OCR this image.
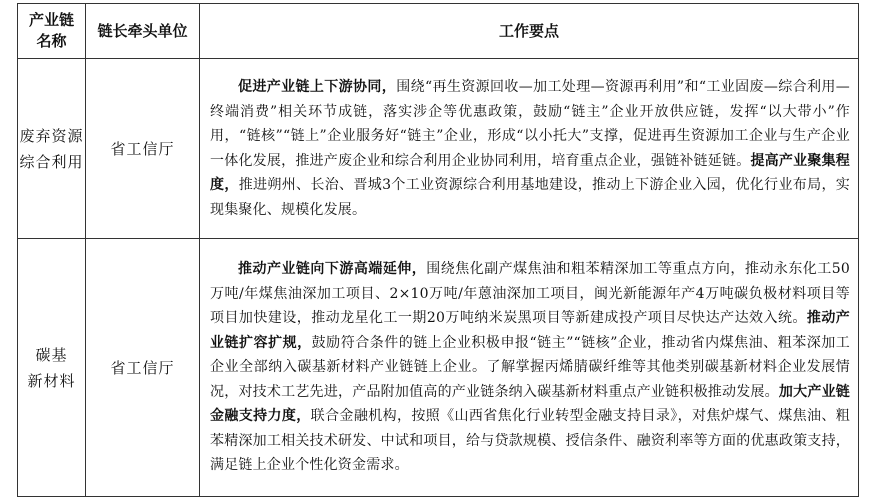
产业链
名称	链长牵头单位	工作要点

废弃资源
综合利用	省工信厅	促进产业链上下游协同，围绕“再生资源回收—加工处理—资源再利用”和“工业固废—综合利用—终端消费”相关环节成链，落实涉企等优惠政策，鼓励“链主”企业开放供应链，发挥“以大带小”作用，“链核”“链上”企业服务好“链主”企业，形成“以小托大”支撑，促进再生资源加工企业与生产企业一体化发展，推进产废企业和综合利用企业协同利用，培育重点企业，强链补链延链。提高产业聚集程度，推进朔州、长治、晋城3个工业资源综合利用基地建设，推动上下游企业入园，优化行业布局，实现集聚化、规模化发展。

碳基
新材料	省工信厅	推动产业链向下游高端延伸，围绕焦化副产煤焦油和粗苯精深加工等重点方向，推动永东化工50万吨/年煤焦油深加工项目、2×10万吨/年蒽油深加工项目，闽光新能源年产4万吨碳负极材料项目等项目加快建设，推动龙星化工一期20万吨纳米炭黑项目等新建成投产项目尽快达产达效入统。推动产业链扩容扩规，鼓励符合条件的链上企业积极申报“链主”“链核”企业，推动省内煤焦油、粗苯深加工企业全部纳入碳基新材料产业链链上企业。了解掌握丙烯腈碳纤维等其他类别碳基新材料企业发展情况，对技术工艺先进，产品附加值高的产业链条纳入碳基新材料重点产业链积极推动发展。加大产业链金融支持力度，联合金融机构，按照《山西省焦化行业转型金融支持目录》，对焦炉煤气、煤焦油、粗苯精深加工相关技术研发、中试和项目，给与贷款规模、授信条件、融资利率等方面的优惠政策支持，满足链上企业个性化资金需求。
